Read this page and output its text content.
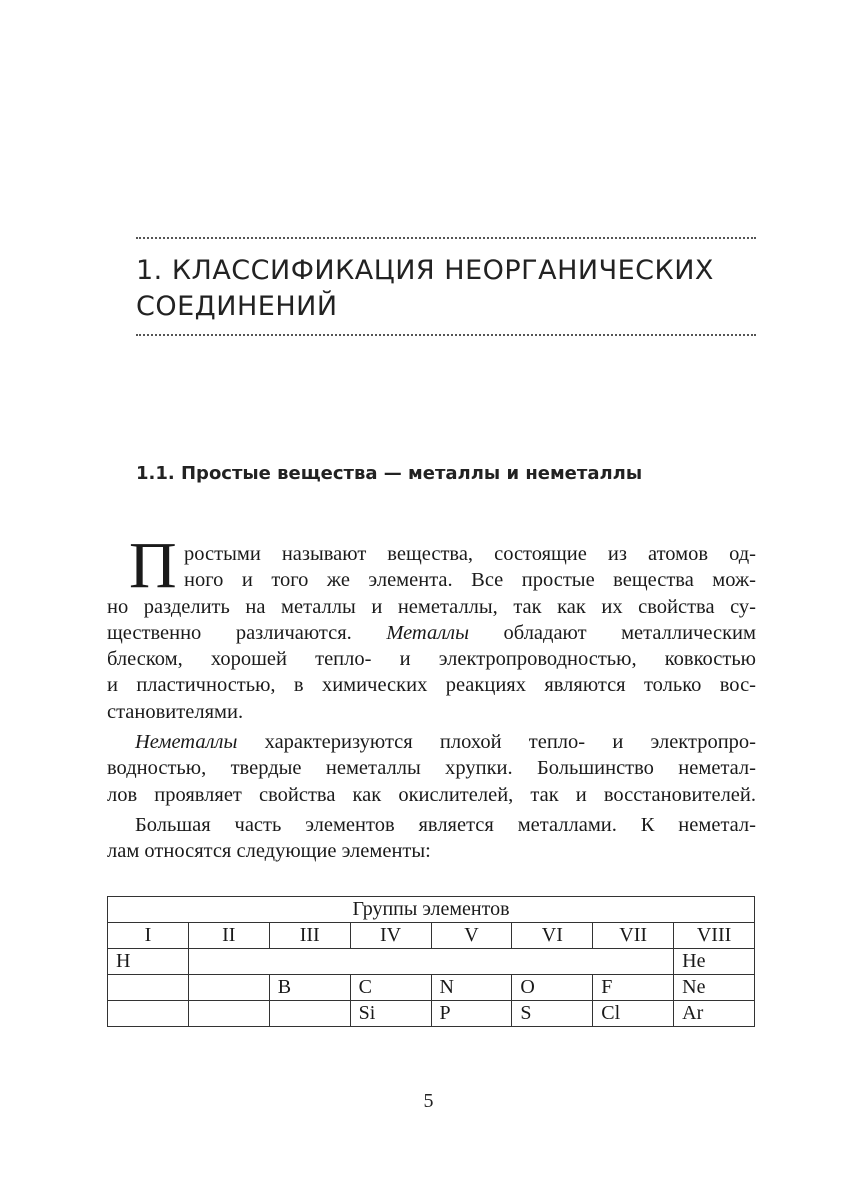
1. КЛАССИФИКАЦИЯ НЕОРГАНИЧЕСКИХ
СОЕДИНЕНИЙ
1.1. Простые вещества — металлы и неметаллы

П ростыми называют вещества, состоящие из атомов од-
ного и того же элемента. Все простые вещества мож-
но разделить на металлы и неметаллы, так как их свойства су-
щественно различаются. Металлы обладают металлическим
блеском, хорошей тепло- и электропроводностью, ковкостью
и пластичностью, в химических реакциях являются только вос-
становителями.

Неметаллы характеризуются плохой тепло- и электропро-
водностью, твердые неметаллы хрупки. Большинство немeтал-
лов проявляет свойства как окислителей, так и восстановителей.

Большая часть элементов является металлами. К немeтал-
лам относятся следующие элементы:

Группы элементов							
I	II	III	IV	V	VI	VII	VIII
H							He
		B	C	N	O	F	Ne
			Si	P	S	Cl	Ar
5
